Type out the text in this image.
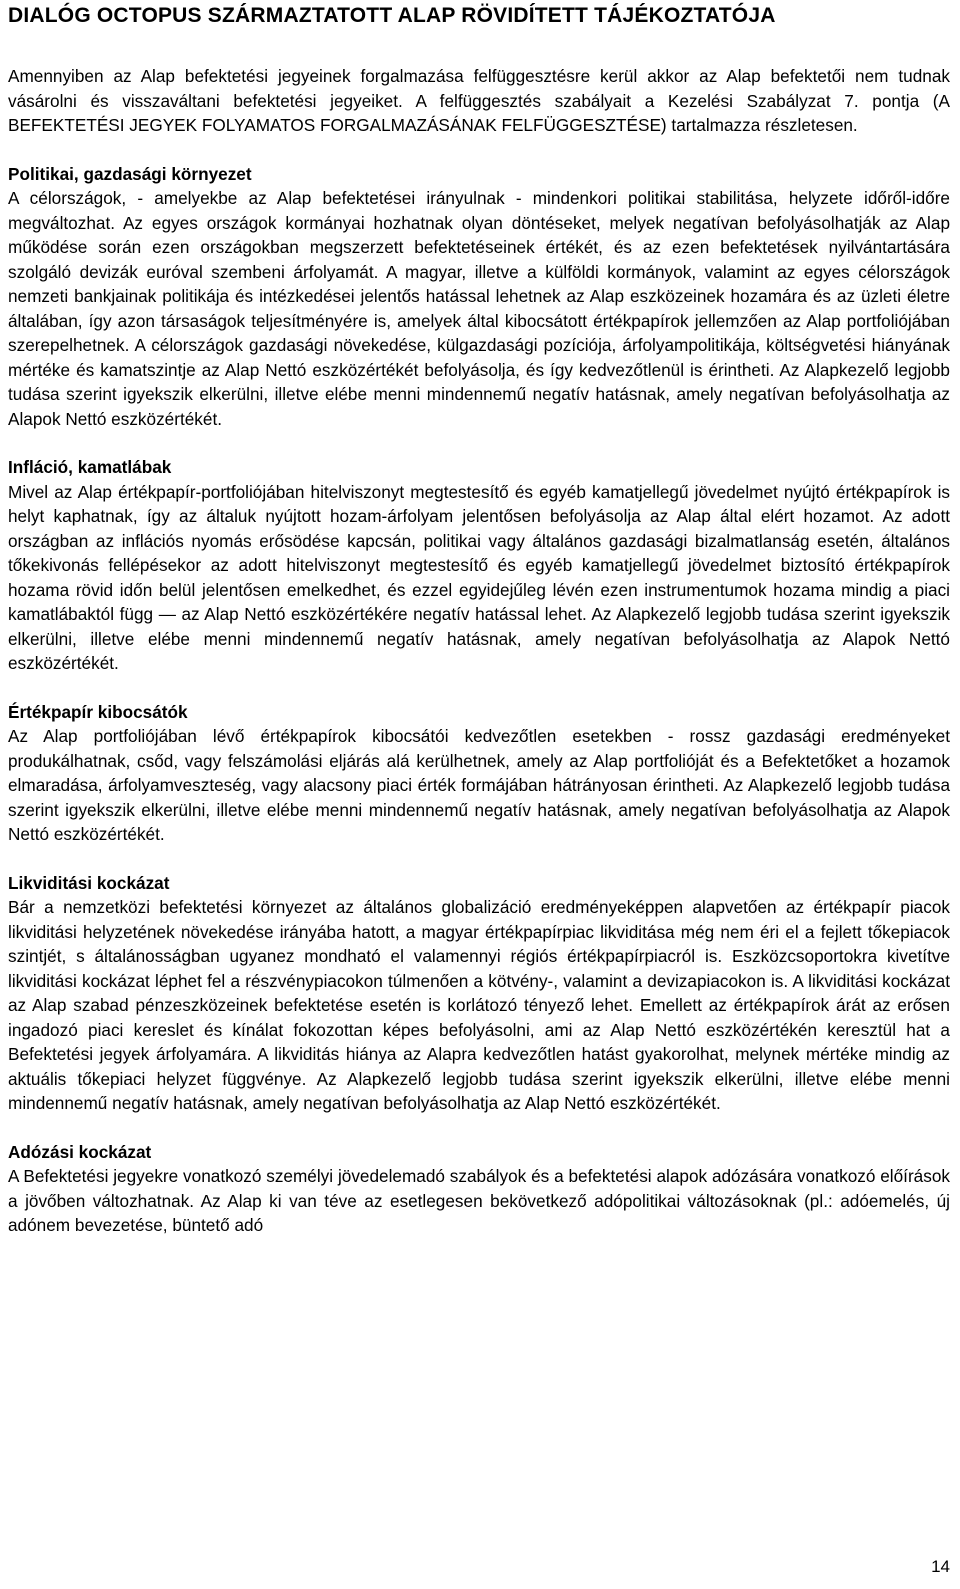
DIALÓG OCTOPUS SZÁRMAZTATOTT ALAP RÖVIDÍTETT TÁJÉKOZTATÓJA

Amennyiben az Alap befektetési jegyeinek forgalmazása felfüggesztésre kerül akkor az Alap befektetői nem tudnak vásárolni és visszaváltani befektetési jegyeiket. A felfüggesztés szabályait a Kezelési Szabályzat 7. pontja (A BEFEKTETÉSI JEGYEK FOLYAMATOS FORGALMAZÁSÁNAK FELFÜGGESZTÉSE) tartalmazza részletesen.

Politikai, gazdasági környezet

A célországok, - amelyekbe az Alap befektetései irányulnak - mindenkori politikai stabilitása, helyzete időről-időre megváltozhat. Az egyes országok kormányai hozhatnak olyan döntéseket, melyek negatívan befolyásolhatják az Alap működése során ezen országokban megszerzett befektetéseinek értékét, és az ezen befektetések nyilvántartására szolgáló devizák euróval szembeni árfolyamát. A magyar, illetve a külföldi kormányok, valamint az egyes célországok nemzeti bankjainak politikája és intézkedései jelentős hatással lehetnek az Alap eszközeinek hozamára és az üzleti életre általában, így azon társaságok teljesítményére is, amelyek által kibocsátott értékpapírok jellemzően az Alap portfoliójában szerepelhetnek. A célországok gazdasági növekedése, külgazdasági pozíciója, árfolyampolitikája, költségvetési hiányának mértéke és kamatszintje az Alap Nettó eszközértékét befolyásolja, és így kedvezőtlenül is érintheti. Az Alapkezelő legjobb tudása szerint igyekszik elkerülni, illetve elébe menni mindennemű negatív hatásnak, amely negatívan befolyásolhatja az Alapok Nettó eszközértékét.

Infláció, kamatlábak

Mivel az Alap értékpapír-portfoliójában hitelviszonyt megtestesítő és egyéb kamatjellegű jövedelmet nyújtó értékpapírok is helyt kaphatnak, így az általuk nyújtott hozam-árfolyam jelentősen befolyásolja az Alap által elért hozamot. Az adott országban az inflációs nyomás erősödése kapcsán, politikai vagy általános gazdasági bizalmatlanság esetén, általános tőkekivonás fellépésekor az adott hitelviszonyt megtestesítő és egyéb kamatjellegű jövedelmet biztosító értékpapírok hozama rövid időn belül jelentősen emelkedhet, és ezzel egyidejűleg lévén ezen instrumentumok hozama mindig a piaci kamatlábaktól függ — az Alap Nettó eszközértékére negatív hatással lehet. Az Alapkezelő legjobb tudása szerint igyekszik elkerülni, illetve elébe menni mindennemű negatív hatásnak, amely negatívan befolyásolhatja az Alapok Nettó eszközértékét.

Értékpapír kibocsátók

Az Alap portfoliójában lévő értékpapírok kibocsátói kedvezőtlen esetekben - rossz gazdasági eredményeket produkálhatnak, csőd, vagy felszámolási eljárás alá kerülhetnek, amely az Alap portfolióját és a Befektetőket a hozamok elmaradása, árfolyamveszteség, vagy alacsony piaci érték formájában hátrányosan érintheti. Az Alapkezelő legjobb tudása szerint igyekszik elkerülni, illetve elébe menni mindennemű negatív hatásnak, amely negatívan befolyásolhatja az Alapok Nettó eszközértékét.

Likviditási kockázat

Bár a nemzetközi befektetési környezet az általános globalizáció eredményeképpen alapvetően az értékpapír piacok likviditási helyzetének növekedése irányába hatott, a magyar értékpapírpiac likviditása még nem éri el a fejlett tőkepiacok szintjét, s általánosságban ugyanez mondható el valamennyi régiós értékpapírpiacról is. Eszközcsoportokra kivetítve likviditási kockázat léphet fel a részvénypiacokon túlmenően a kötvény-, valamint a devizapiacokon is. A likviditási kockázat az Alap szabad pénzeszközeinek befektetése esetén is korlátozó tényező lehet. Emellett az értékpapírok árát az erősen ingadozó piaci kereslet és kínálat fokozottan képes befolyásolni, ami az Alap Nettó eszközértékén keresztül hat a Befektetési jegyek árfolyamára. A likviditás hiánya az Alapra kedvezőtlen hatást gyakorolhat, melynek mértéke mindig az aktuális tőkepiaci helyzet függvénye. Az Alapkezelő legjobb tudása szerint igyekszik elkerülni, illetve elébe menni mindennemű negatív hatásnak, amely negatívan befolyásolhatja az Alap Nettó eszközértékét.

Adózási kockázat

A Befektetési jegyekre vonatkozó személyi jövedelemadó szabályok és a befektetési alapok adózására vonatkozó előírások a jövőben változhatnak. Az Alap ki van téve az esetlegesen bekövetkező adópolitikai változásoknak (pl.: adóemelés, új adónem bevezetése, büntető adó

14
